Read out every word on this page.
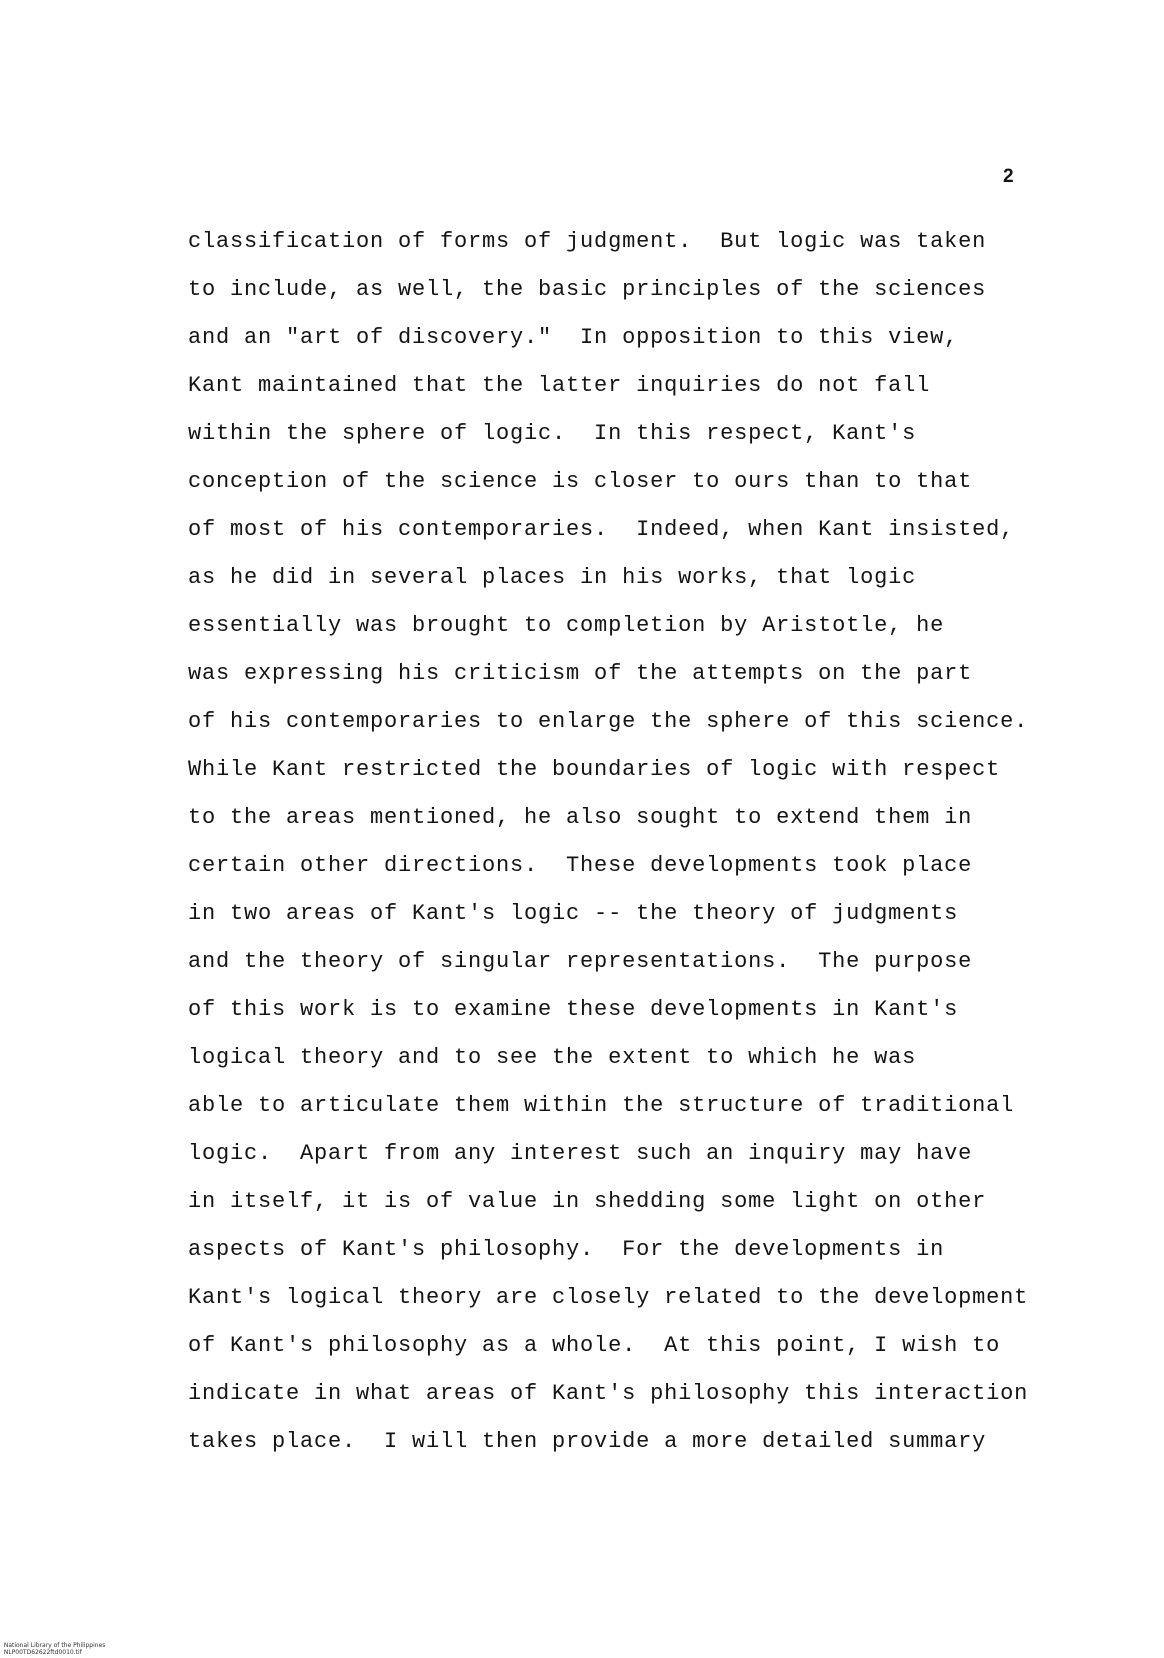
2
classification of forms of judgment.  But logic was taken
to include, as well, the basic principles of the sciences
and an "art of discovery."  In opposition to this view,
Kant maintained that the latter inquiries do not fall
within the sphere of logic.  In this respect, Kant's
conception of the science is closer to ours than to that
of most of his contemporaries.  Indeed, when Kant insisted,
as he did in several places in his works, that logic
essentially was brought to completion by Aristotle, he
was expressing his criticism of the attempts on the part
of his contemporaries to enlarge the sphere of this science.
While Kant restricted the boundaries of logic with respect
to the areas mentioned, he also sought to extend them in
certain other directions.  These developments took place
in two areas of Kant's logic -- the theory of judgments
and the theory of singular representations.  The purpose
of this work is to examine these developments in Kant's
logical theory and to see the extent to which he was
able to articulate them within the structure of traditional
logic.  Apart from any interest such an inquiry may have
in itself, it is of value in shedding some light on other
aspects of Kant's philosophy.  For the developments in
Kant's logical theory are closely related to the development
of Kant's philosophy as a whole.  At this point, I wish to
indicate in what areas of Kant's philosophy this interaction
takes place.  I will then provide a more detailed summary

National Library of the Philippines
NLP00TD62622ftd0010.tif
